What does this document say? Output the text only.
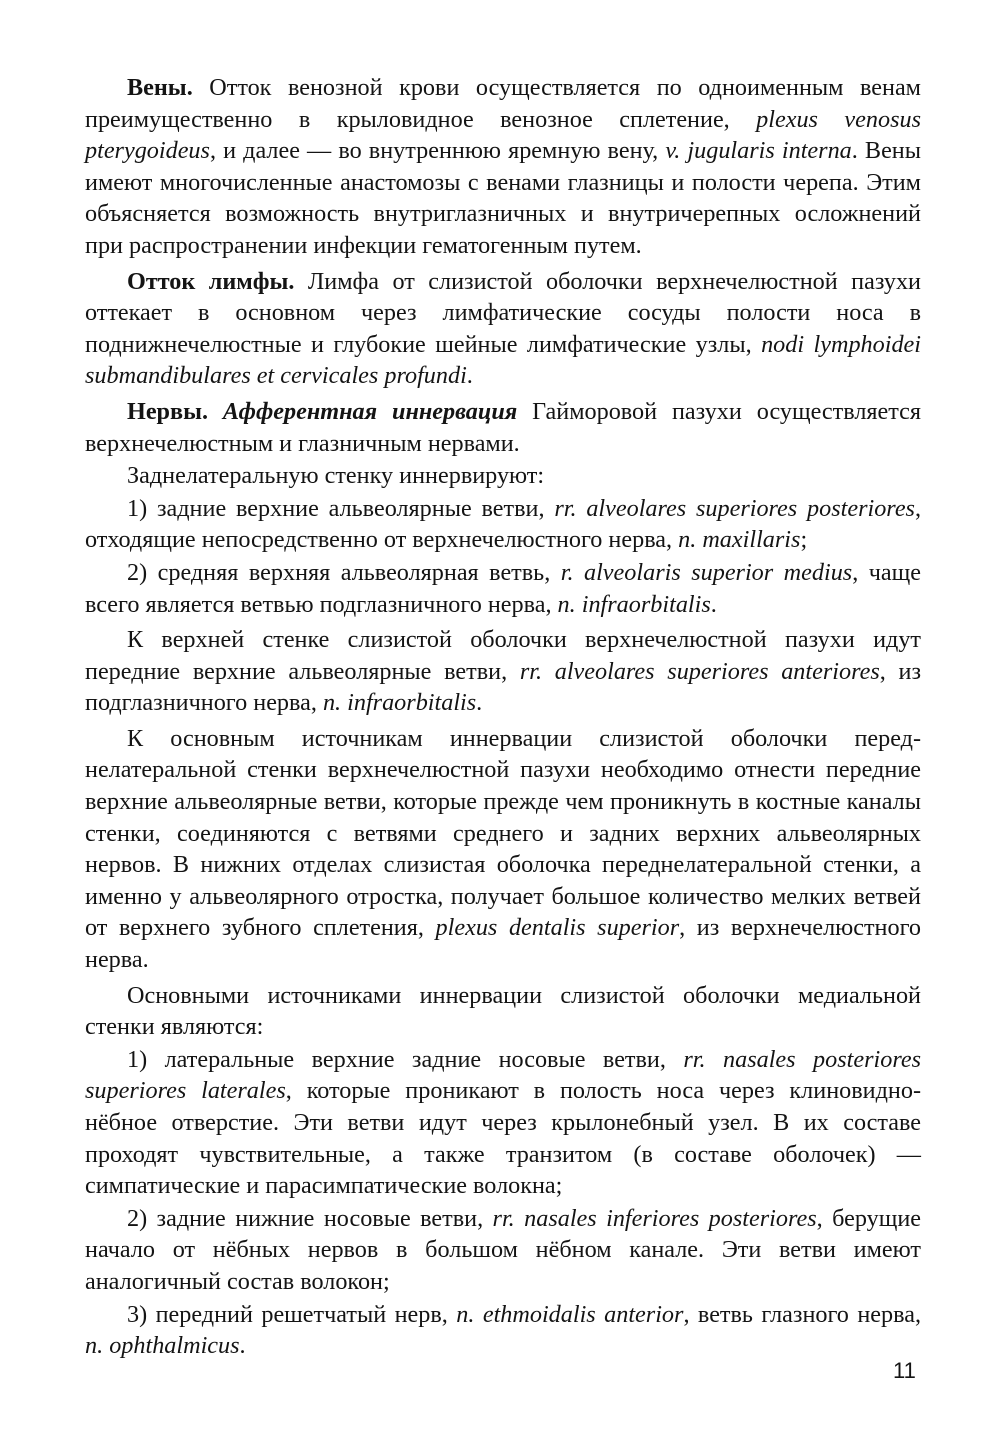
Вены. Отток венозной крови осуществляется по одноименным венам преимущественно в крыловидное венозное сплетение, plexus venosus pterygoideus, и далее — во внутреннюю яремную вену, v. jugularis interna. Вены имеют многочисленные анастомозы с венами глазницы и полости черепа. Этим объясняется возможность внутриглазничных и внутричерепных осложнений при распространении инфекции гематогенным путем.

Отток лимфы. Лимфа от слизистой оболочки верхнечелюстной пазухи оттекает в основном через лимфатические сосуды полости носа в поднижнечелюстные и глубокие шейные лимфатические узлы, nodi lymphoidei submandibulares et cervicales profundi.

Нервы. Афферентная иннервация Гайморовой пазухи осуществляется верхнечелюстным и глазничным нервами.

Заднелатеральную стенку иннервируют:

1) задние верхние альвеолярные ветви, rr. alveolares superiores posteriores, отходящие непосредственно от верхнечелюстного нерва, n. maxillaris;

2) средняя верхняя альвеолярная ветвь, r. alveolaris superior medius, чаще всего является ветвью подглазничного нерва, n. infraorbitalis.

К верхней стенке слизистой оболочки верхнечелюстной пазухи идут передние верхние альвеолярные ветви, rr. alveolares superiores anteriores, из подглазничного нерва, n. infraorbitalis.

К основным источникам иннервации слизистой оболочки переднелатеральной стенки верхнечелюстной пазухи необходимо отнести передние верхние альвеолярные ветви, которые прежде чем проникнуть в костные каналы стенки, соединяются с ветвями среднего и задних верхних альвеолярных нервов. В нижних отделах слизистая оболочка переднелатеральной стенки, а именно у альвеолярного отростка, получает большое количество мелких ветвей от верхнего зубного сплетения, plexus dentalis superior, из верхнечелюстного нерва.

Основными источниками иннервации слизистой оболочки медиальной стенки являются:

1) латеральные верхние задние носовые ветви, rr. nasales posteriores superiores laterales, которые проникают в полость носа через клиновидно-нёбное отверстие. Эти ветви идут через крылонебный узел. В их составе проходят чувствительные, а также транзитом (в составе оболочек) — симпатические и парасимпатические волокна;

2) задние нижние носовые ветви, rr. nasales inferiores posteriores, берущие начало от нёбных нервов в большом нёбном канале. Эти ветви имеют аналогичный состав волокон;

3) передний решетчатый нерв, n. ethmoidalis anterior, ветвь глазного нерва, n. ophthalmicus.

11
